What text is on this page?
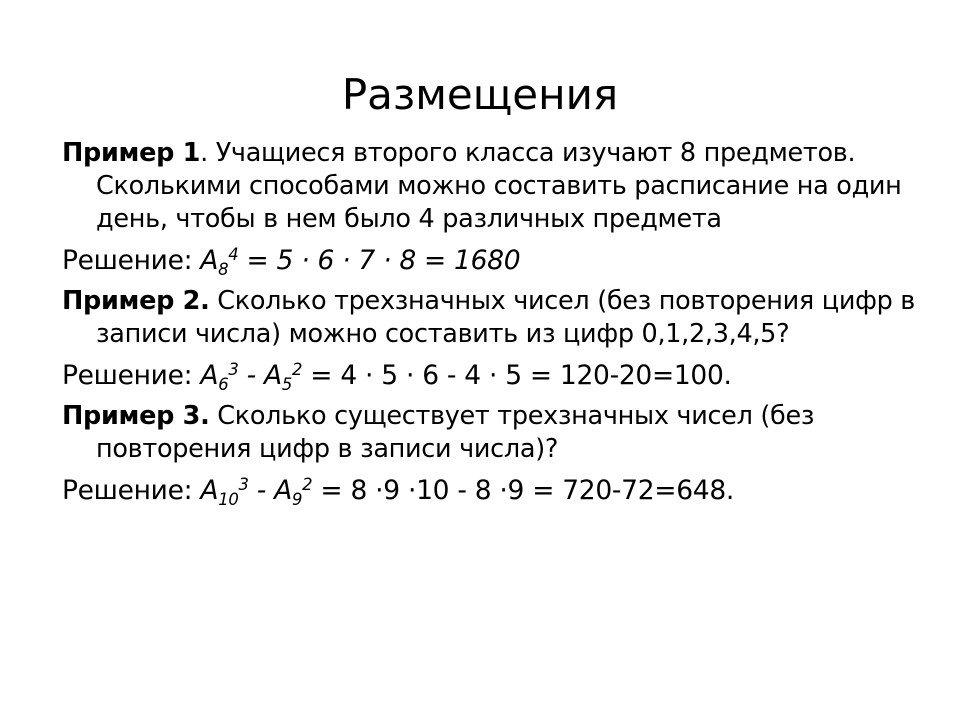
Размещения

Пример 1. Учащиеся второго класса изучают 8 предметов. Сколькими способами можно составить расписание на один день, чтобы в нем было 4 различных предмета

Решение: $A_8^4 = 5 \cdot 6 \cdot 7 \cdot 8 = 1680$

Пример 2. Сколько трехзначных чисел (без повторения цифр в записи числа) можно составить из цифр 0,1,2,3,4,5?

Решение: $A_6^3 - A_5^2 = 4 \cdot 5 \cdot 6 - 4 \cdot 5 = 120-20=100$.

Пример 3. Сколько существует трехзначных чисел (без повторения цифр в записи числа)?

Решение: $A_{10}^3 - A_9^2 = 8 \cdot 9 \cdot 10 - 8 \cdot 9 = 720-72=648$.
